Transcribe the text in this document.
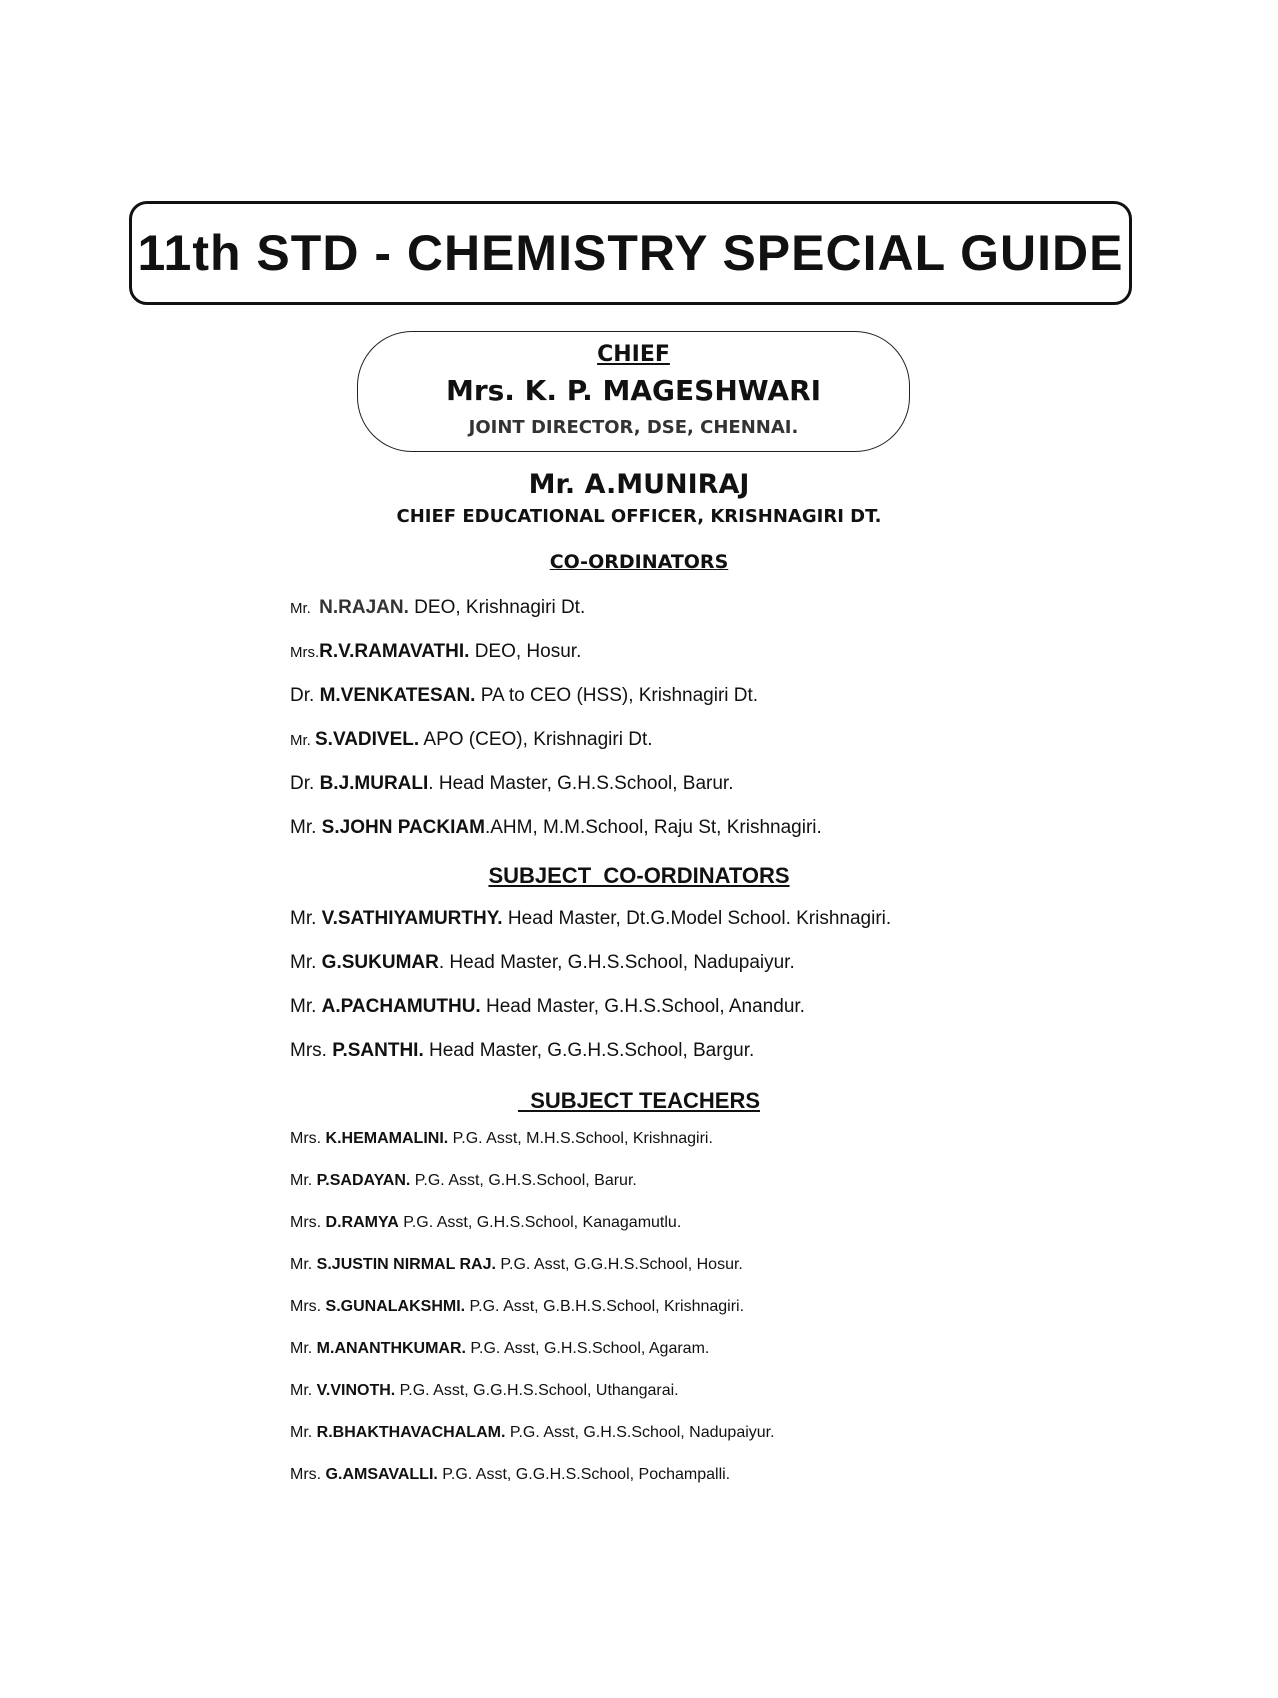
11th STD - CHEMISTRY SPECIAL GUIDE
CHIEF
Mrs. K. P. MAGESHWARI
JOINT DIRECTOR, DSE, CHENNAI.
Mr. A.MUNIRAJ
CHIEF EDUCATIONAL OFFICER, KRISHNAGIRI DT.
CO-ORDINATORS
Mr.  N.RAJAN. DEO, Krishnagiri Dt.
Mrs.R.V.RAMAVATHI. DEO, Hosur.
Dr. M.VENKATESAN. PA to CEO (HSS), Krishnagiri Dt.
Mr. S.VADIVEL. APO (CEO), Krishnagiri Dt.
Dr. B.J.MURALI. Head Master, G.H.S.School, Barur.
Mr. S.JOHN PACKIAM.AHM, M.M.School, Raju St, Krishnagiri.
SUBJECT  CO-ORDINATORS
Mr. V.SATHIYAMURTHY. Head Master, Dt.G.Model School. Krishnagiri.
Mr. G.SUKUMAR. Head Master, G.H.S.School, Nadupaiyur.
Mr. A.PACHAMUTHU. Head Master, G.H.S.School, Anandur.
Mrs. P.SANTHI. Head Master, G.G.H.S.School, Bargur.
SUBJECT TEACHERS
Mrs. K.HEMAMALINI. P.G. Asst, M.H.S.School, Krishnagiri.
Mr. P.SADAYAN. P.G. Asst, G.H.S.School, Barur.
Mrs. D.RAMYA P.G. Asst, G.H.S.School, Kanagamutlu.
Mr. S.JUSTIN NIRMAL RAJ. P.G. Asst, G.G.H.S.School, Hosur.
Mrs. S.GUNALAKSHMI. P.G. Asst, G.B.H.S.School, Krishnagiri.
Mr. M.ANANTHKUMAR. P.G. Asst, G.H.S.School, Agaram.
Mr. V.VINOTH. P.G. Asst, G.G.H.S.School, Uthangarai.
Mr. R.BHAKTHAVACHALAM. P.G. Asst, G.H.S.School, Nadupaiyur.
Mrs. G.AMSAVALLI. P.G. Asst, G.G.H.S.School, Pochampalli.
